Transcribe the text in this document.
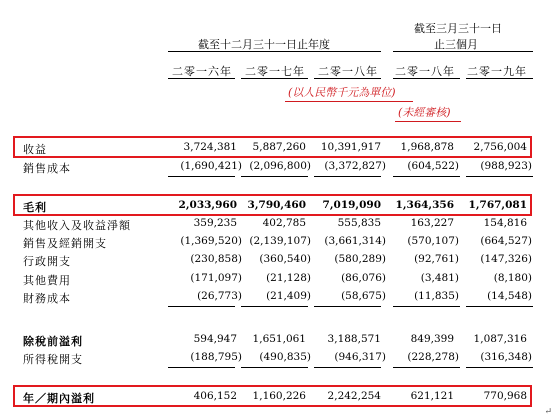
截至十二月三十一日止年度
截至三月三十一日
止三個月
二零一六年 二零一七年 二零一八年 二零一八年 二零一九年
(以人民幣千元為單位)
(未經審核)
收益	3,724,381	5,887,260	10,391,917	1,968,878	2,756,004
銷售成本	(1,690,421) (2,096,800)	(3,372,827)	(604,522)	(988,923)
毛利	2,033,960	3,790,460	7,019,090	1,364,356	1,767,081
其他收入及收益淨額	359,235	402,785	555,835	163,227	154,816
銷售及經銷開支	(1,369,520) (2,139,107)	(3,661,314)	(570,107)	(664,527)
行政開支	(230,858)	(360,540)	(580,289)	(92,761)	(147,326)
其他費用	(171,097)	(21,128)	(86,076)	(3,481)	(8,180)
財務成本	(26,773)	(21,409)	(58,675)	(11,835)	(14,548)
除稅前溢利	594,947	1,651,061	3,188,571	849,399	1,087,316
所得稅開支	(188,795)	(490,835)	(946,317)	(228,278)	(316,348)
年／期內溢利	406,152	1,160,226	2,242,254	621,121	770,968
↵
